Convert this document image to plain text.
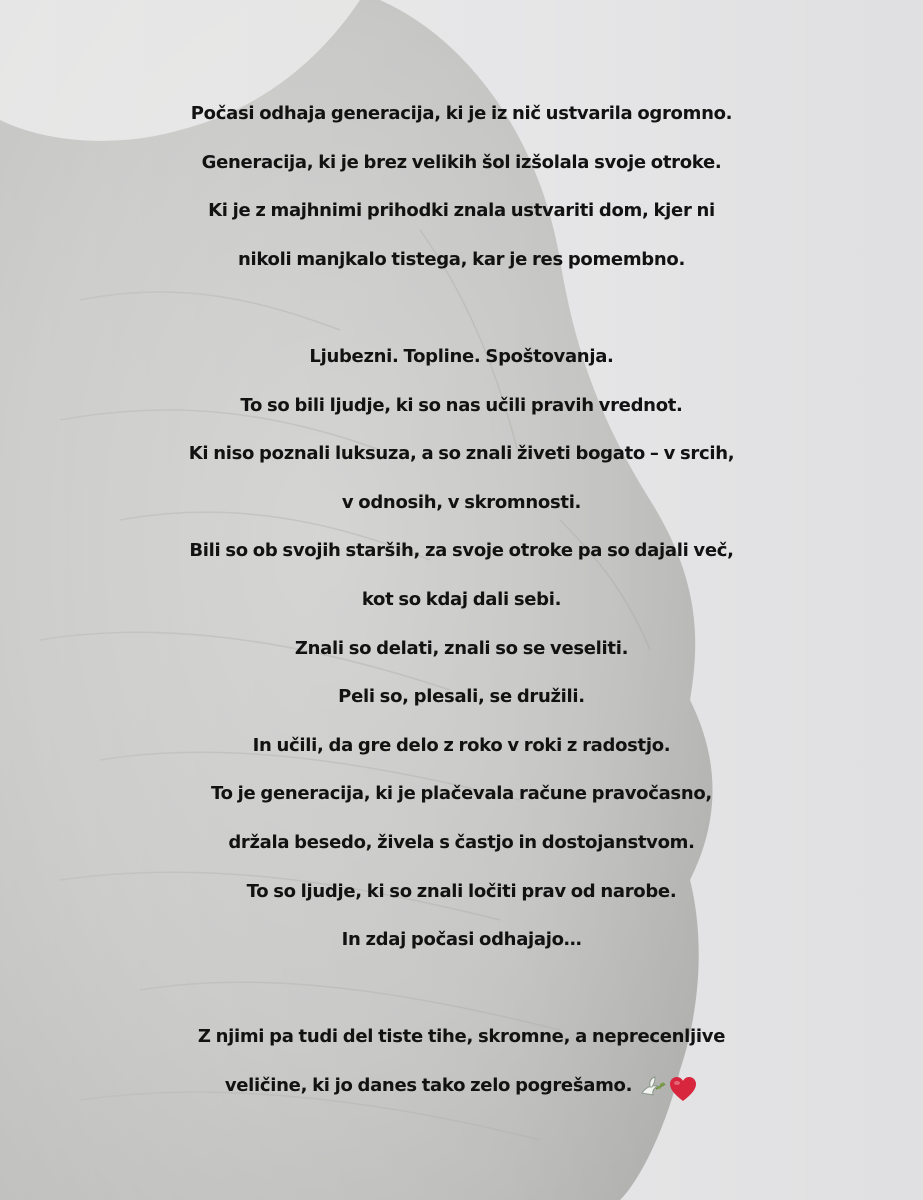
Počasi odhaja generacija, ki je iz nič ustvarila ogromno.
Generacija, ki je brez velikih šol izšolala svoje otroke.
Ki je z majhnimi prihodki znala ustvariti dom, kjer ni
nikoli manjkalo tistega, kar je res pomembno.
Ljubezni. Topline. Spoštovanja.
To so bili ljudje, ki so nas učili pravih vrednot.
Ki niso poznali luksuza, a so znali živeti bogato – v srcih,
v odnosih, v skromnosti.
Bili so ob svojih starših, za svoje otroke pa so dajali več,
kot so kdaj dali sebi.
Znali so delati, znali so se veseliti.
Peli so, plesali, se družili.
In učili, da gre delo z roko v roki z radostjo.
To je generacija, ki je plačevala račune pravočasno,
držala besedo, živela s častjo in dostojanstvom.
To so ljudje, ki so znali ločiti prav od narobe.
In zdaj počasi odhajajo…
Z njimi pa tudi del tiste tihe, skromne, a neprecenljive
veličine, ki jo danes tako zelo pogrešamo.
